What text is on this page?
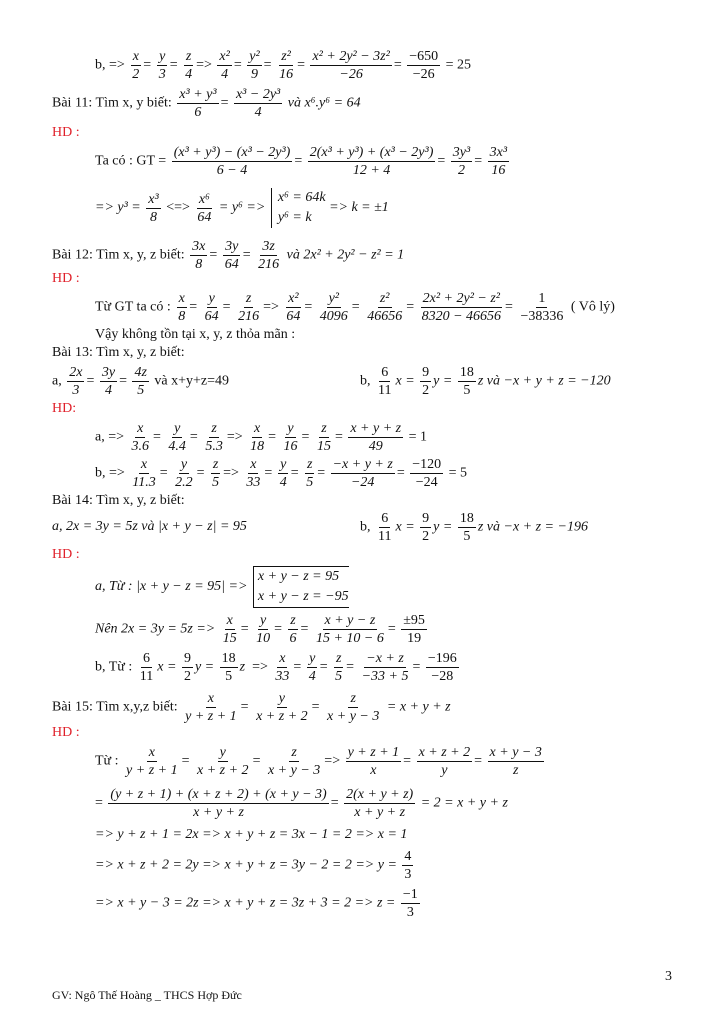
b, => $\frac{x}{2} = \frac{y}{3} = \frac{z}{4} => \frac{\text{x²}}{4} = \frac{\text{y²}}{9} = \frac{\text{z²}}{16} = \frac{\text{x² + 2y² − 3z²}}{-26} = \frac{-650}{-26} = 25$
Bài 11: Tìm x, y biết: $\frac{\text{x³ + y³}}{6} = \frac{\text{x³ − 2y³}}{4}$ và x⁶.y⁶ = 64
HD :
Ta có : GT = $\frac{\text{(x³ + y³) − (x³ − 2y³)}}{6 - 4} = \frac{\text{2(x³ + y³) + (x³ − 2y³)}}{12 + 4} = \frac{\text{3y³}}{2} = \frac{\text{3x³}}{16}$
=> $y^3 = \frac{\text{x³}}{8}$ <=> $\frac{\text{x⁶}}{64} = y^6$ =>
x⁶ = 64k
y⁶ = k
=> k = ±1
Bài 12: Tìm x, y, z biết: $\frac{3x}{8} = \frac{3y}{64} = \frac{3z}{216}$ và 2x² + 2y² − z² = 1
HD :
Từ GT ta có : $\frac{x}{8} = \frac{y}{64} = \frac{z}{216} => \frac{\text{x²}}{64} = \frac{\text{y²}}{4096} = \frac{\text{z²}}{46656} = \frac{\text{2x² + 2y² − z²}}{8320 - 46656} = \frac{1}{-38336}$ ( Vô lý)
Vậy không tồn tại x, y, z thỏa mãn :
Bài 13: Tìm x, y, z biết:
a, $\frac{2x}{3} = \frac{3y}{4} = \frac{4z}{5}$ và x+y+z=49	b, $\frac{6}{11}$ $x = \frac{9}{2}$ $y = \frac{18}{5}$ z và −x + y + z = −120
HD:
a, => $\frac{x}{3.6} = \frac{y}{4.4} = \frac{z}{5.3} => \frac{x}{18} = \frac{y}{16} = \frac{z}{15} = \frac{x + y + z}{49} = 1$
b, => $\frac{x}{11.3} = \frac{y}{2.2} = \frac{z}{5} => \frac{x}{33} = \frac{y}{4} = \frac{z}{5} = \frac{-x + y + z}{-24} = \frac{-120}{-24} = 5$
Bài 14: Tìm x, y, z biết:
a, 2x = 3y = 5z và |x + y − z| = 95	b, $\frac{6}{11}$ $x = \frac{9}{2}$ $y = \frac{18}{5}$ z và −x + z = −196
HD :
a, Từ : |x + y − z = 95| =>
x + y − z = 95
x + y − z = −95
Nên $2x = 3y = 5z => \frac{x}{15} = \frac{y}{10} = \frac{z}{6} = \frac{x + y - z}{15 + 10 - 6} = \frac{\pm 95}{19}$
b, Từ : $\frac{6}{11}$ $x = \frac{9}{2}$ $y = \frac{18}{5}$ $z => \frac{x}{33} = \frac{y}{4} = \frac{z}{5} = \frac{-x + z}{-33 + 5} = \frac{-196}{-28}$
Bài 15: Tìm x,y,z biết: $\frac{x}{y + z + 1} = \frac{y}{x + z + 2} = \frac{z}{x + y - 3} = x + y + z$
HD :
Từ : $\frac{x}{y + z + 1} = \frac{y}{x + z + 2} = \frac{z}{x + y - 3} => \frac{y + z + 1}{x} = \frac{x + z + 2}{y} = \frac{x + y - 3}{z}$
= $\frac{(y + z + 1) + (x + z + 2) + (x + y - 3)}{x + y + z} = \frac{2(x + y + z)}{x + y + z} = 2 = x + y + z$
=> y + z + 1 = 2x => x + y + z = 3x − 1 = 2 => x = 1
=> $x + z + 2 = 2y => x + y + z = 3y - 2 = 2 => y = \frac{4}{3}$
=> $x + y - 3 = 2z => x + y + z = 3z + 3 = 2 => z = \frac{-1}{3}$
3
GV: Ngô Thế Hoàng _ THCS Hợp Đức
